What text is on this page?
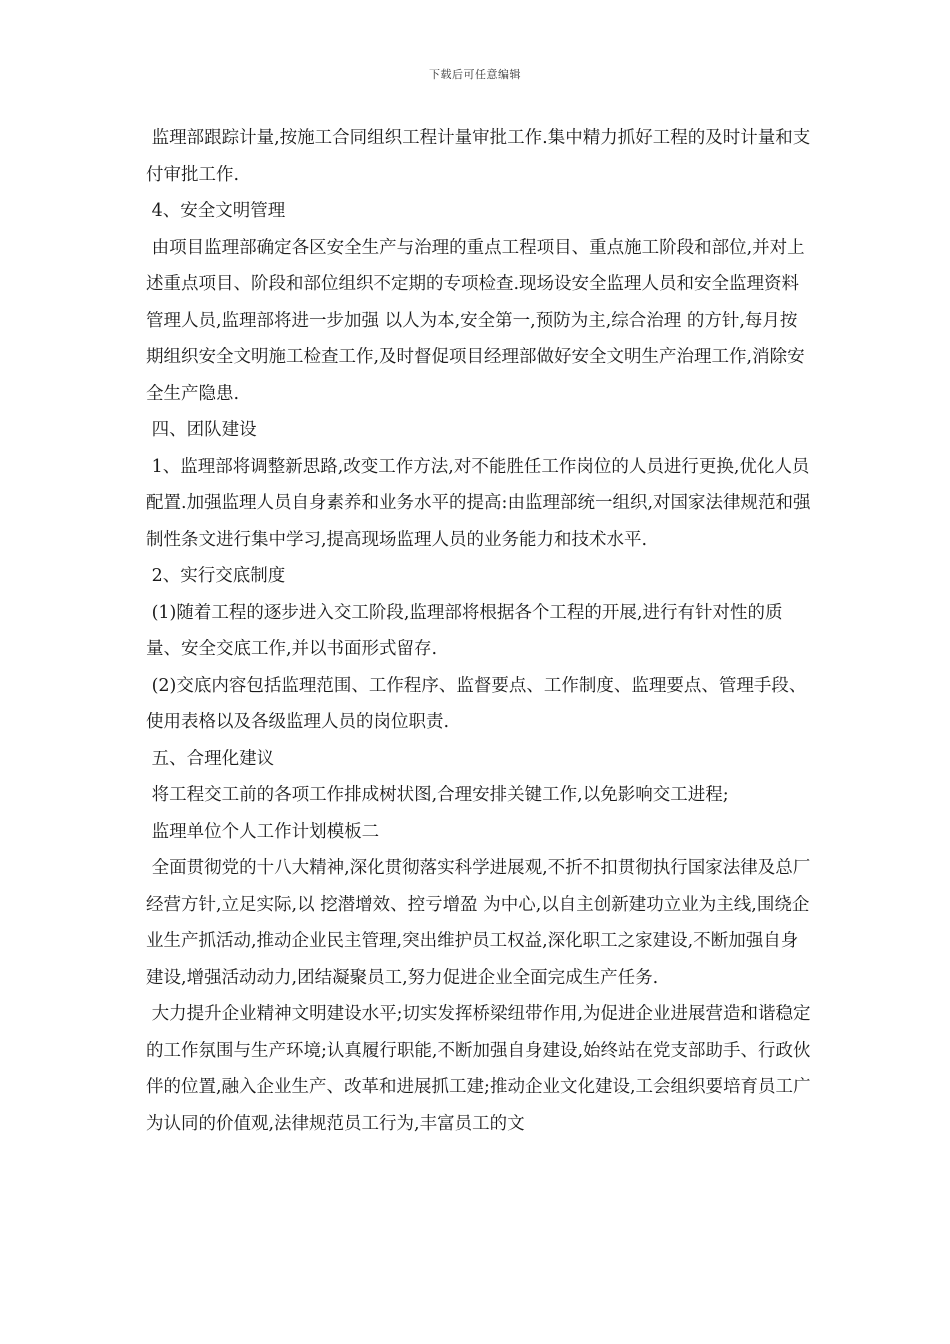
下载后可任意编辑

监理部跟踪计量,按施工合同组织工程计量审批工作.集中精力抓好工程的及时计量和支付审批工作.

4、安全文明管理

由项目监理部确定各区安全生产与治理的重点工程项目、重点施工阶段和部位,并对上述重点项目、阶段和部位组织不定期的专项检查.现场设安全监理人员和安全监理资料管理人员,监理部将进一步加强 以人为本,安全第一,预防为主,综合治理 的方针,每月按期组织安全文明施工检查工作,及时督促项目经理部做好安全文明生产治理工作,消除安全生产隐患.

四、团队建设

1、监理部将调整新思路,改变工作方法,对不能胜任工作岗位的人员进行更换,优化人员配置.加强监理人员自身素养和业务水平的提高:由监理部统一组织,对国家法律规范和强制性条文进行集中学习,提高现场监理人员的业务能力和技术水平.

2、实行交底制度

(1)随着工程的逐步进入交工阶段,监理部将根据各个工程的开展,进行有针对性的质量、安全交底工作,并以书面形式留存.

(2)交底内容包括监理范围、工作程序、监督要点、工作制度、监理要点、管理手段、使用表格以及各级监理人员的岗位职责.

五、合理化建议

将工程交工前的各项工作排成树状图,合理安排关键工作,以免影响交工进程;

监理单位个人工作计划模板二

全面贯彻党的十八大精神,深化贯彻落实科学进展观,不折不扣贯彻执行国家法律及总厂经营方针,立足实际,以 挖潜增效、控亏增盈 为中心,以自主创新建功立业为主线,围绕企业生产抓活动,推动企业民主管理,突出维护员工权益,深化职工之家建设,不断加强自身建设,增强活动动力,团结凝聚员工,努力促进企业全面完成生产任务.

大力提升企业精神文明建设水平;切实发挥桥梁纽带作用,为促进企业进展营造和谐稳定的工作氛围与生产环境;认真履行职能,不断加强自身建设,始终站在党支部助手、行政伙伴的位置,融入企业生产、改革和进展抓工建;推动企业文化建设,工会组织要培育员工广为认同的价值观,法律规范员工行为,丰富员工的文
